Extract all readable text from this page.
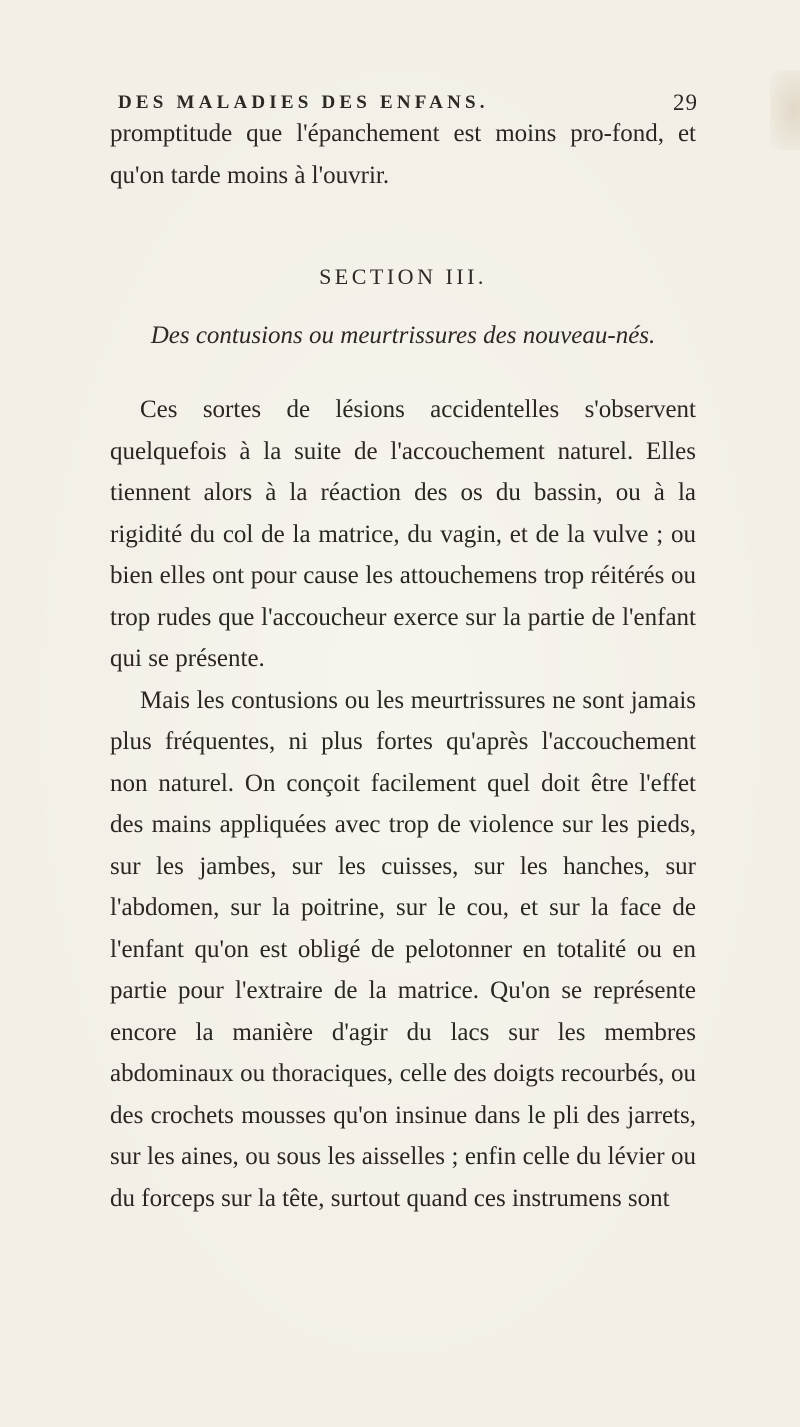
DES MALADIES DES ENFANS.	29

promptitude que l'épanchement est moins pro-fond, et qu'on tarde moins à l'ouvrir.

SECTION III.
Des contusions ou meurtrissures des nouveau-nés.

Ces sortes de lésions accidentelles s'observent quelquefois à la suite de l'accouchement naturel. Elles tiennent alors à la réaction des os du bassin, ou à la rigidité du col de la matrice, du vagin, et de la vulve ; ou bien elles ont pour cause les attouchemens trop réitérés ou trop rudes que l'accoucheur exerce sur la partie de l'enfant qui se présente.

Mais les contusions ou les meurtrissures ne sont jamais plus fréquentes, ni plus fortes qu'après l'accouchement non naturel. On conçoit facilement quel doit être l'effet des mains appliquées avec trop de violence sur les pieds, sur les jambes, sur les cuisses, sur les hanches, sur l'abdomen, sur la poitrine, sur le cou, et sur la face de l'enfant qu'on est obligé de pelotonner en totalité ou en partie pour l'extraire de la matrice. Qu'on se représente encore la manière d'agir du lacs sur les membres abdominaux ou thoraciques, celle des doigts recourbés, ou des crochets mousses qu'on insinue dans le pli des jarrets, sur les aines, ou sous les aisselles ; enfin celle du lévier ou du forceps sur la tête, surtout quand ces instrumens sont
